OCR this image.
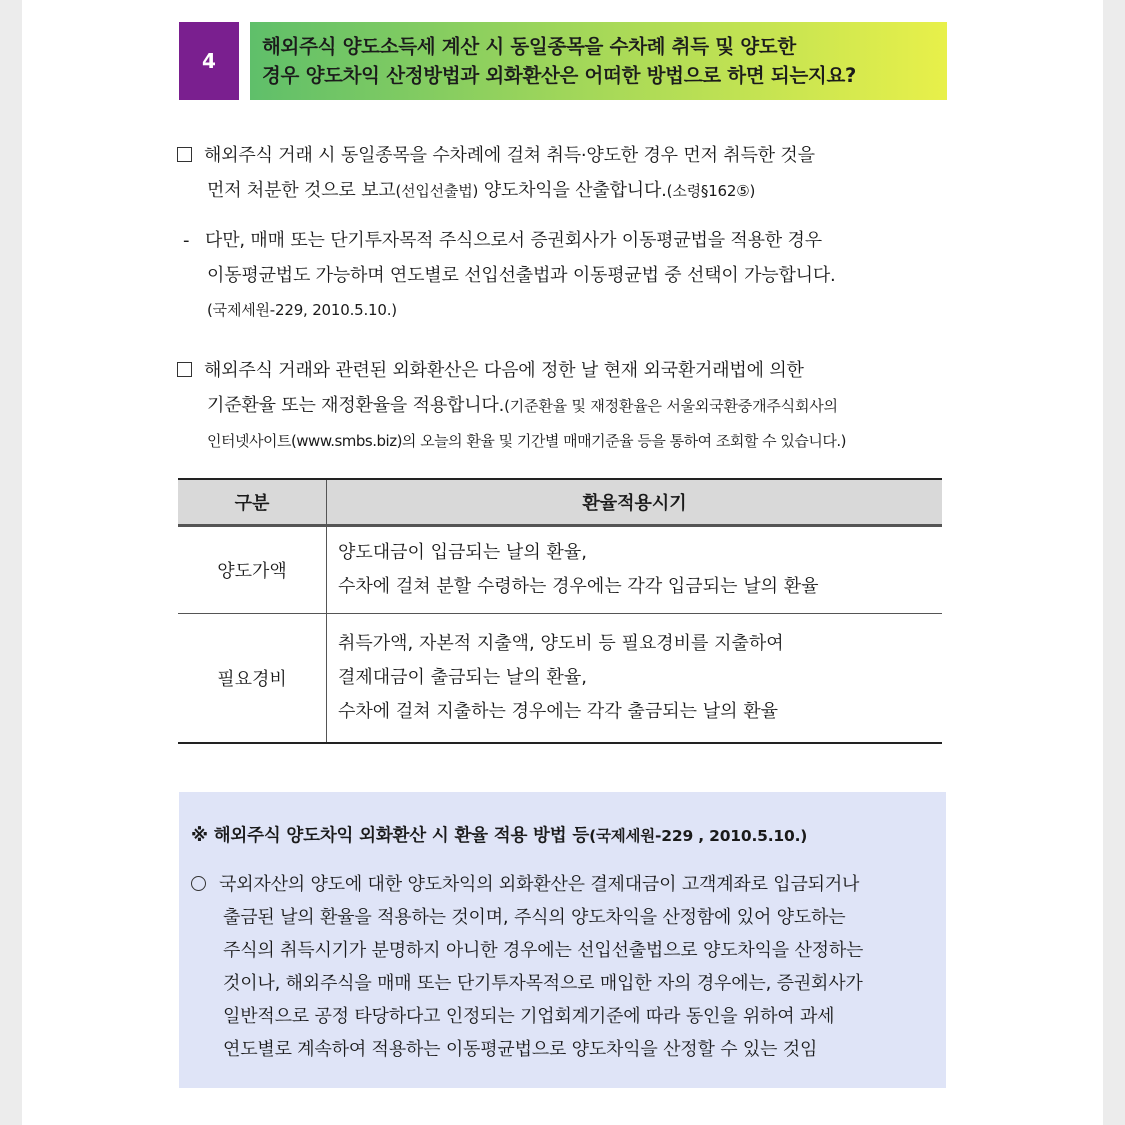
4
해외주식 양도소득세 계산 시 동일종목을 수차례 취득 및 양도한
경우 양도차익 산정방법과 외화환산은 어떠한 방법으로 하면 되는지요?
해외주식 거래 시 동일종목을 수차례에 걸쳐 취득·양도한 경우 먼저 취득한 것을
먼저 처분한 것으로 보고(선입선출법) 양도차익을 산출합니다.(소령§162⑤)
- 다만, 매매 또는 단기투자목적 주식으로서 증권회사가 이동평균법을 적용한 경우
이동평균법도 가능하며 연도별로 선입선출법과 이동평균법 중 선택이 가능합니다.
(국제세원-229, 2010.5.10.)
해외주식 거래와 관련된 외화환산은 다음에 정한 날 현재 외국환거래법에 의한
기준환율 또는 재정환율을 적용합니다.(기준환율 및 재정환율은 서울외국환중개주식회사의
인터넷사이트(www.smbs.biz)의 오늘의 환율 및 기간별 매매기준율 등을 통하여 조회할 수 있습니다.)
구분	환율적용시기
양도가액	양도대금이 입금되는 날의 환율,
수차에 걸쳐 분할 수령하는 경우에는 각각 입금되는 날의 환율

필요경비	취득가액, 자본적 지출액, 양도비 등 필요경비를 지출하여
결제대금이 출금되는 날의 환율,
수차에 걸쳐 지출하는 경우에는 각각 출금되는 날의 환율
※ 해외주식 양도차익 외화환산 시 환율 적용 방법 등(국제세원-229 , 2010.5.10.)
국외자산의 양도에 대한 양도차익의 외화환산은 결제대금이 고객계좌로 입금되거나
출금된 날의 환율을 적용하는 것이며, 주식의 양도차익을 산정함에 있어 양도하는
주식의 취득시기가 분명하지 아니한 경우에는 선입선출법으로 양도차익을 산정하는
것이나, 해외주식을 매매 또는 단기투자목적으로 매입한 자의 경우에는, 증권회사가
일반적으로 공정 타당하다고 인정되는 기업회계기준에 따라 동인을 위하여 과세
연도별로 계속하여 적용하는 이동평균법으로 양도차익을 산정할 수 있는 것임
